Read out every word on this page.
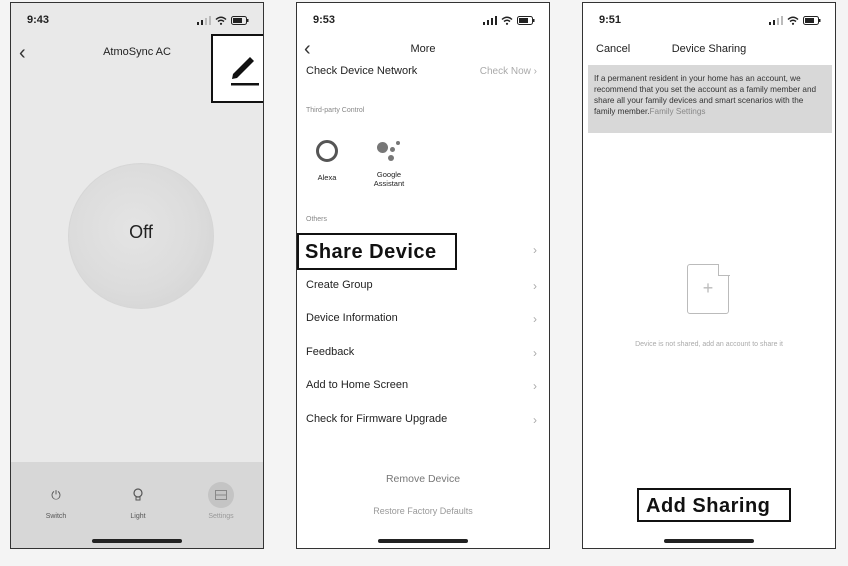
9:43
‹	AtmoSync AC
Off
⏻
Switch	Light	Settings
9:53
‹	More
Check Device Network	Check Now ›
Third-party Control
Alexa	Google Assistant
Others
Share Device	›
Create Group	›
Device Information	›
Feedback	›
Add to Home Screen	›
Check for Firmware Upgrade	›
Remove Device
Restore Factory Defaults
9:51
Cancel	Device Sharing
If a permanent resident in your home has an account, we recommend that you set the account as a family member and share all your family devices and smart scenarios with the family member.Family Settings
+
Device is not shared, add an account to share it
Add Sharing
